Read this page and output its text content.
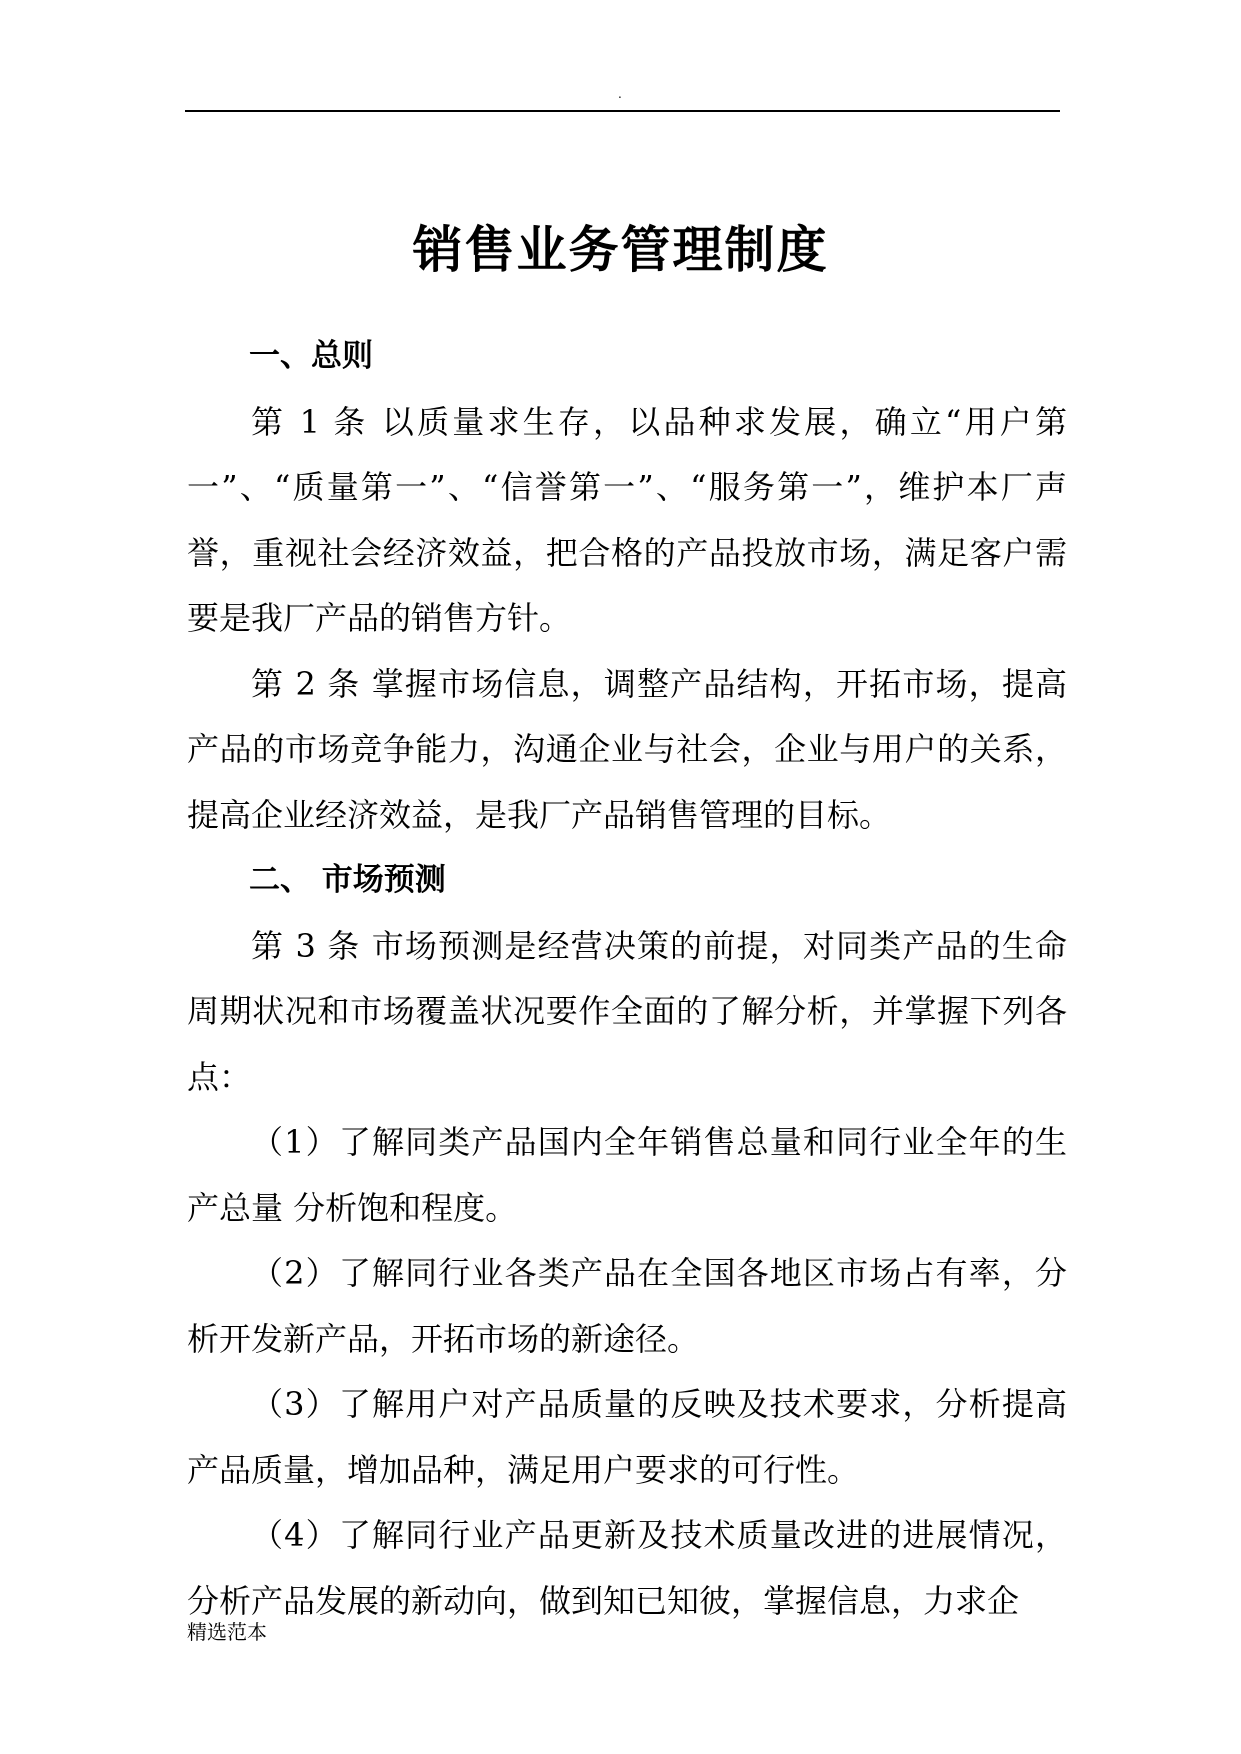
.
销售业务管理制度

一、总则

第 1 条 以质量求生存，以品种求发展，确立“用户第一”、“质量第一”、“信誉第一”、“服务第一”，维护本厂声誉，重视社会经济效益，把合格的产品投放市场，满足客户需要是我厂产品的销售方针。

第 2 条 掌握市场信息，调整产品结构，开拓市场，提高产品的市场竞争能力，沟通企业与社会，企业与用户的关系，提高企业经济效益，是我厂产品销售管理的目标。

二、 市场预测

第 3 条 市场预测是经营决策的前提，对同类产品的生命周期状况和市场覆盖状况要作全面的了解分析，并掌握下列各点：

（1）了解同类产品国内全年销售总量和同行业全年的生产总量 分析饱和程度。

（2）了解同行业各类产品在全国各地区市场占有率，分析开发新产品，开拓市场的新途径。

（3）了解用户对产品质量的反映及技术要求，分析提高产品质量，增加品种，满足用户要求的可行性。

（4）了解同行业产品更新及技术质量改进的进展情况，分析产品发展的新动向，做到知已知彼，掌握信息，力求企

精选范本
